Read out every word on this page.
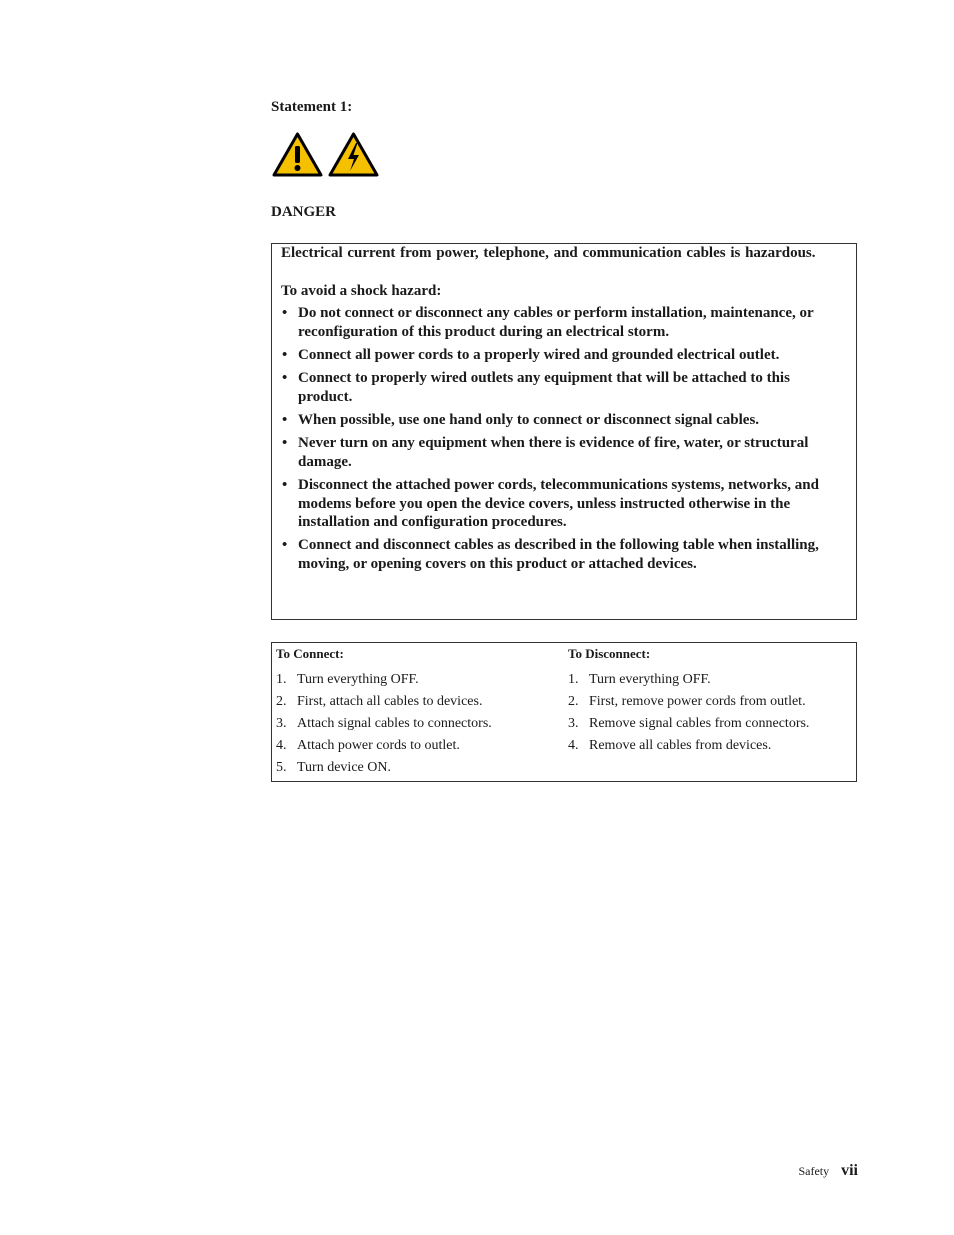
Statement 1:
DANGER

Electrical current from power, telephone, and communication cables is hazardous.

To avoid a shock hazard:

• Do not connect or disconnect any cables or perform installation, maintenance, or reconfiguration of this product during an electrical storm.
• Connect all power cords to a properly wired and grounded electrical outlet.
• Connect to properly wired outlets any equipment that will be attached to this product.
• When possible, use one hand only to connect or disconnect signal cables.
• Never turn on any equipment when there is evidence of fire, water, or structural damage.
• Disconnect the attached power cords, telecommunications systems, networks, and modems before you open the device covers, unless instructed otherwise in the installation and configuration procedures.
• Connect and disconnect cables as described in the following table when installing, moving, or opening covers on this product or attached devices.
To Connect:
1. Turn everything OFF.
2. First, attach all cables to devices.
3. Attach signal cables to connectors.
4. Attach power cords to outlet.
5. Turn device ON.
To Disconnect:
1. Turn everything OFF.
2. First, remove power cords from outlet.
3. Remove signal cables from connectors.
4. Remove all cables from devices.
Safety vii
